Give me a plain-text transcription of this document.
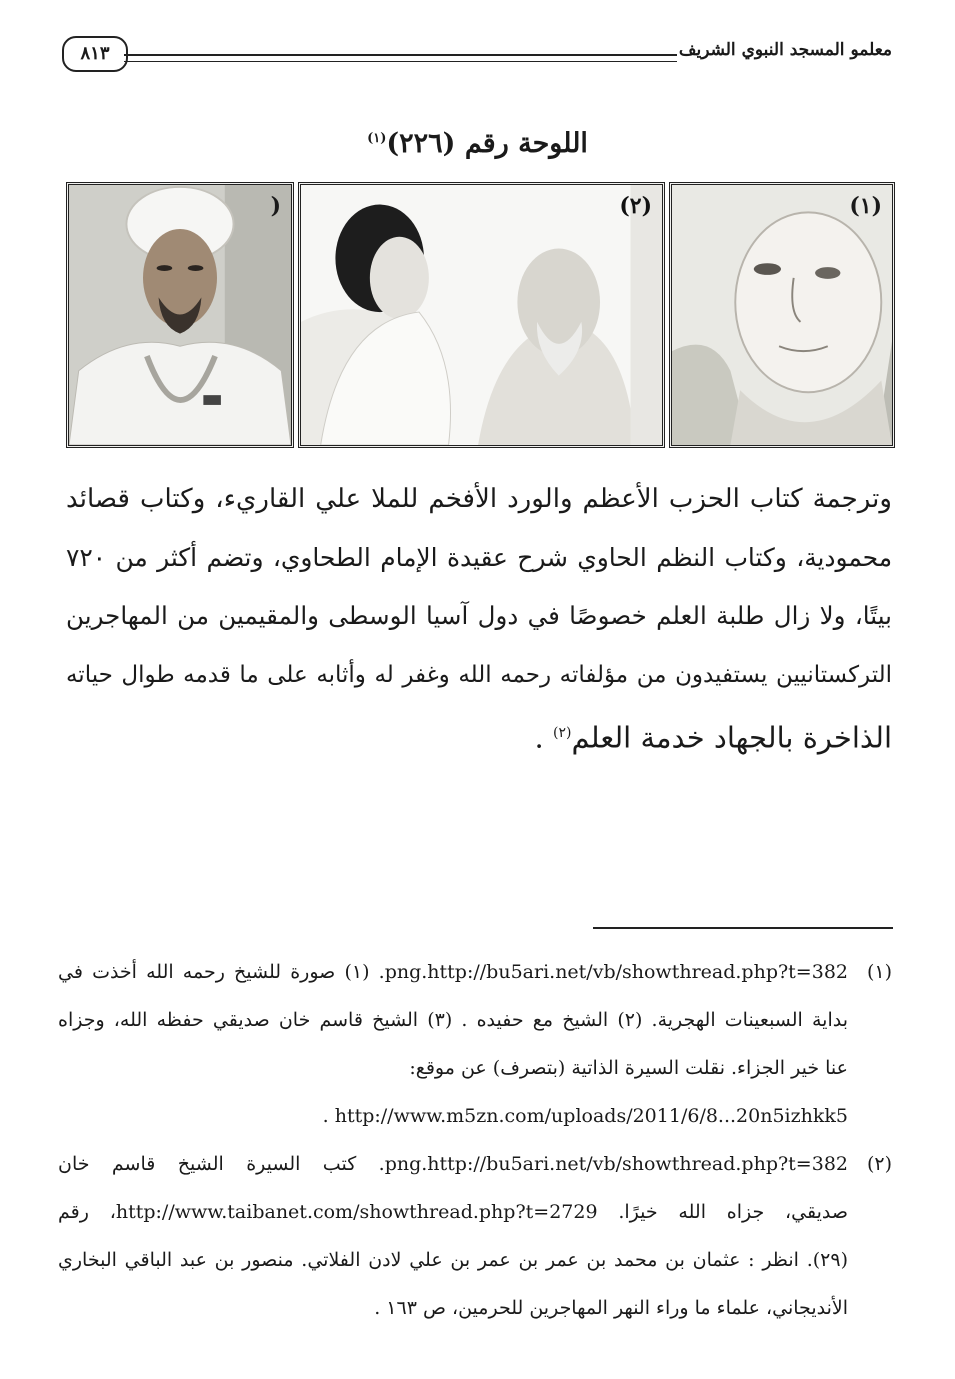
معلمو المسجد النبوي الشريف
٨١٣
اللوحة رقم (٢٢٦)$^{(١)}$
(١)
(٢)
(
وترجمة كتاب الحزب الأعظم والورد الأفخم للملا علي القاريء، وكتاب قصائد
محمودية، وكتاب النظم الحاوي شرح عقيدة الإمام الطحاوي، وتضم أكثر من ٧٢٠
بيتًا، ولا زال طلبة العلم خصوصًا في دول آسيا الوسطى والمقيمين من المهاجرين
التركستانيين يستفيدون من مؤلفاته رحمه الله وغفر له وأثابه على ما قدمه طوال حياته
الذاخرة بالجهاد خدمة العلم$^{(٢)}$ .
(١)
png.http://bu5ari.net/vb/showthread.php?t=382. (١) صورة للشيخ رحمه الله أخذت في
بداية السبعينات الهجرية. (٢) الشيخ مع حفيده . (٣) الشيخ قاسم خان صديقي حفظه الله، وجزاه
عنا خير الجزاء. نقلت السيرة الذاتية (بتصرف) عن موقع:
http://www.m5zn.com/uploads/2011/6/8...20n5izhkk5 .
(٢)
png.http://bu5ari.net/vb/showthread.php?t=382. كتب السيرة الشيخ قاسم خان
صديقي، جزاه الله خيرًا. http://www.taibanet.com/showthread.php?t=2729، رقم
(٢٩). انظر : عثمان بن محمد بن عمر بن عمر بن علي لادن الفلاتي. منصور بن عبد الباقي البخاري
الأنديجاني، علماء ما وراء النهر المهاجرين للحرمين، ص ١٦٣ .
